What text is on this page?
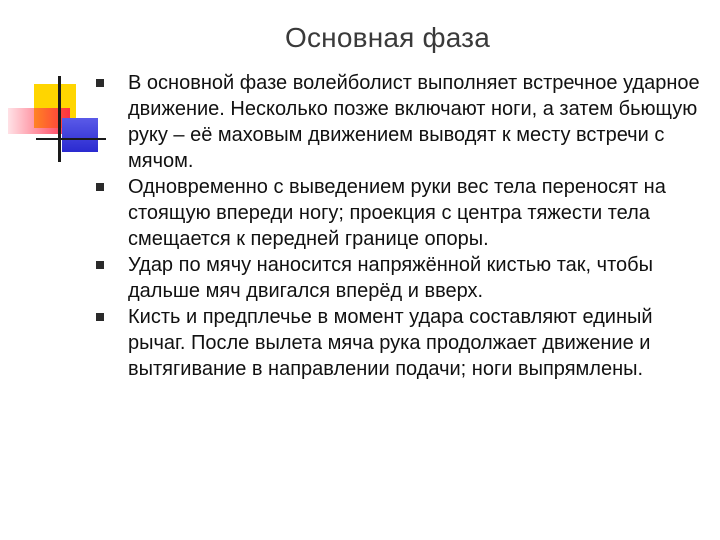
Основная фаза
В основной фазе волейболист выполняет встречное ударное движение. Несколько позже включают ноги, а затем бьющую руку – её маховым движением выводят к месту встречи с мячом.
Одновременно с выведением руки вес тела переносят на стоящую впереди ногу; проекция с центра тяжести тела смещается к передней границе опоры.
Удар по мячу наносится напряжённой кистью так, чтобы дальше мяч двигался вперёд и вверх.
Кисть и предплечье в момент удара составляют единый рычаг. После вылета мяча рука продолжает движение и вытягивание в направлении подачи; ноги выпрямлены.
